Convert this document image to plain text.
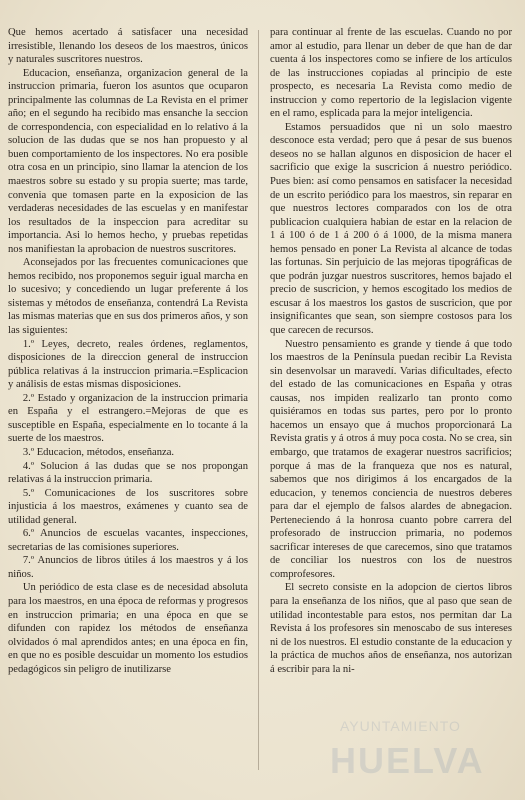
Que hemos acertado á satisfacer una necesidad irresistible, llenando los deseos de los maestros, únicos y naturales suscritores nuestros.

Educacion, enseñanza, organizacion general de la instruccion primaria, fueron los asuntos que ocuparon principalmente las columnas de La Revista en el primer año; en el segundo ha recibido mas ensanche la seccion de correspondencia, con especialidad en lo relativo á la solucion de las dudas que se nos han propuesto y al buen comportamiento de los inspectores. No era posible otra cosa en un principio, sino llamar la atencion de los maestros sobre su estado y su propia suerte; mas tarde, convenia que tomasen parte en la exposicion de las verdaderas necesidades de las escuelas y en manifestar los resultados de la inspeccion para acreditar su importancia. Asi lo hemos hecho, y pruebas repetidas nos manifiestan la aprobacion de nuestros suscritores.

Aconsejados por las frecuentes comunicaciones que hemos recibido, nos proponemos seguir igual marcha en lo sucesivo; y concediendo un lugar preferente á los sistemas y métodos de enseñanza, contendrá La Revista las mismas materias que en sus dos primeros años, y son las siguientes:

1.º Leyes, decreto, reales órdenes, reglamentos, disposiciones de la direccion general de instruccion pública relativas á la instruccion primaria.=Esplicacion y análisis de estas mismas disposiciones.

2.º Estado y organizacion de la instruccion primaria en España y el estrangero.=Mejoras de que es susceptible en España, especialmente en lo tocante á la suerte de los maestros.

3.º Educacion, métodos, enseñanza.

4.º Solucion á las dudas que se nos propongan relativas á la instruccion primaria.

5.º Comunicaciones de los suscritores sobre injusticia á los maestros, exámenes y cuanto sea de utilidad general.

6.º Anuncios de escuelas vacantes, inspecciones, secretarias de las comisiones superiores.

7.º Anuncios de libros útiles á los maestros y á los niños.

Un periódico de esta clase es de necesidad absoluta para los maestros, en una época de reformas y progresos en instruccion primaria; en una época en que se difunden con rapidez los métodos de enseñanza olvidados ó mal aprendidos antes; en una época en fin, en que no es posible descuidar un momento los estudios pedagógicos sin peligro de inutilizarse

para continuar al frente de las escuelas. Cuando no por amor al estudio, para llenar un deber de que han de dar cuenta á los inspectores como se infiere de los artículos de las instrucciones copiadas al principio de este prospecto, es necesaria La Revista como medio de instruccion y como repertorio de la legislacion vigente en el ramo, esplicada para la mejor inteligencia.

Estamos persuadidos que ni un solo maestro desconoce esta verdad; pero que á pesar de sus buenos deseos no se hallan algunos en disposicion de hacer el sacrificio que exige la suscricion á nuestro periódico. Pues bien: así como pensamos en satisfacer la necesidad de un escrito periódico para los maestros, sin reparar en que nuestros lectores comparados con los de otra publicacion cualquiera habian de estar en la relacion de 1 á 100 ó de 1 á 200 ó á 1000, de la misma manera hemos pensado en poner La Revista al alcance de todas las fortunas. Sin perjuicio de las mejoras tipográficas de que podrán juzgar nuestros suscritores, hemos bajado el precio de suscricion, y hemos escogitado los medios de escusar á los maestros los gastos de suscricion, que por insignificantes que sean, son siempre costosos para los que carecen de recursos.

Nuestro pensamiento es grande y tiende á que todo los maestros de la Península puedan recibir La Revista sin desenvolsar un maravedí. Varias dificultades, efecto del estado de las comunicaciones en España y otras causas, nos impiden realizarlo tan pronto como quisiéramos en todas sus partes, pero por lo pronto hacemos un ensayo que á muchos proporcionará La Revista gratis y á otros á muy poca costa. No se crea, sin embargo, que tratamos de exagerar nuestros sacrificios; porque á mas de la franqueza que nos es natural, sabemos que nos dirigimos á los encargados de la educacion, y tenemos conciencia de nuestros deberes para dar el ejemplo de falsos alardes de abnegacion. Perteneciendo á la honrosa cuanto pobre carrera del profesorado de instruccion primaria, no podemos sacrificar intereses de que carecemos, sino que tratamos de conciliar los nuestros con los de nuestros comprofesores.

El secreto consiste en la adopcion de ciertos libros para la enseñanza de los niños, que al paso que sean de utilidad incontestable para estos, nos permitan dar La Revista á los profesores sin menoscabo de sus intereses ni de los nuestros. El estudio constante de la educacion y la práctica de muchos años de enseñanza, nos autorizan á escribir para la ni-

AYUNTAMIENTO
HUELVA
